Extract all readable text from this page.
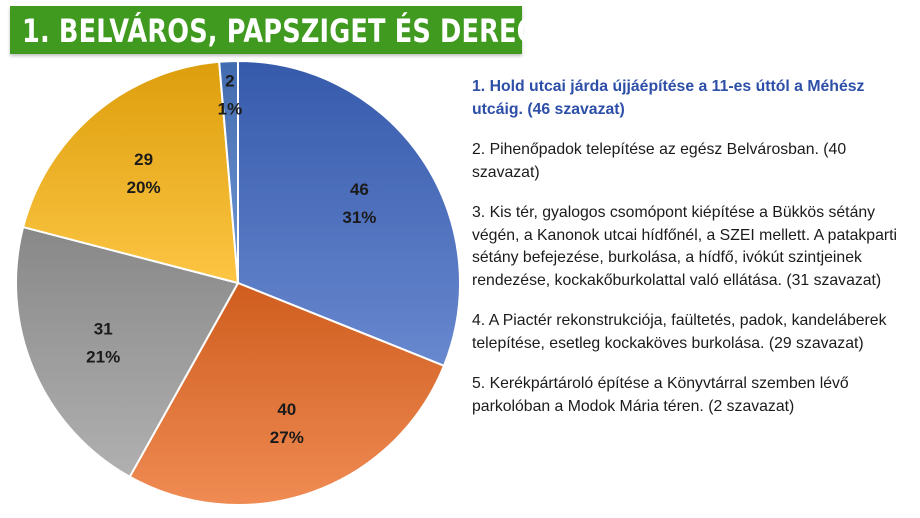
1. BELVÁROS, PAPSZIGET ÉS DERECSKE
46
31%
40
27%
31
21%
29
20%
2
1%

1. Hold utcai járda újjáépítése a 11-es úttól a Méhész utcáig. (46 szavazat)

2. Pihenőpadok telepítése az egész Belvárosban. (40 szavazat)

3. Kis tér, gyalogos csomópont kiépítése a Bükkös sétány végén, a Kanonok utcai hídfőnél, a SZEI mellett. A patakparti sétány befejezése, burkolása, a hídfő, ivókút szintjeinek rendezése, kockakőburkolattal való ellátása. (31 szavazat)

4. A Piactér rekonstrukciója, faültetés, padok, kandeláberek telepítése, esetleg kockaköves burkolása. (29 szavazat)

5. Kerékpártároló építése a Könyvtárral szemben lévő parkolóban a Modok Mária téren. (2 szavazat)
